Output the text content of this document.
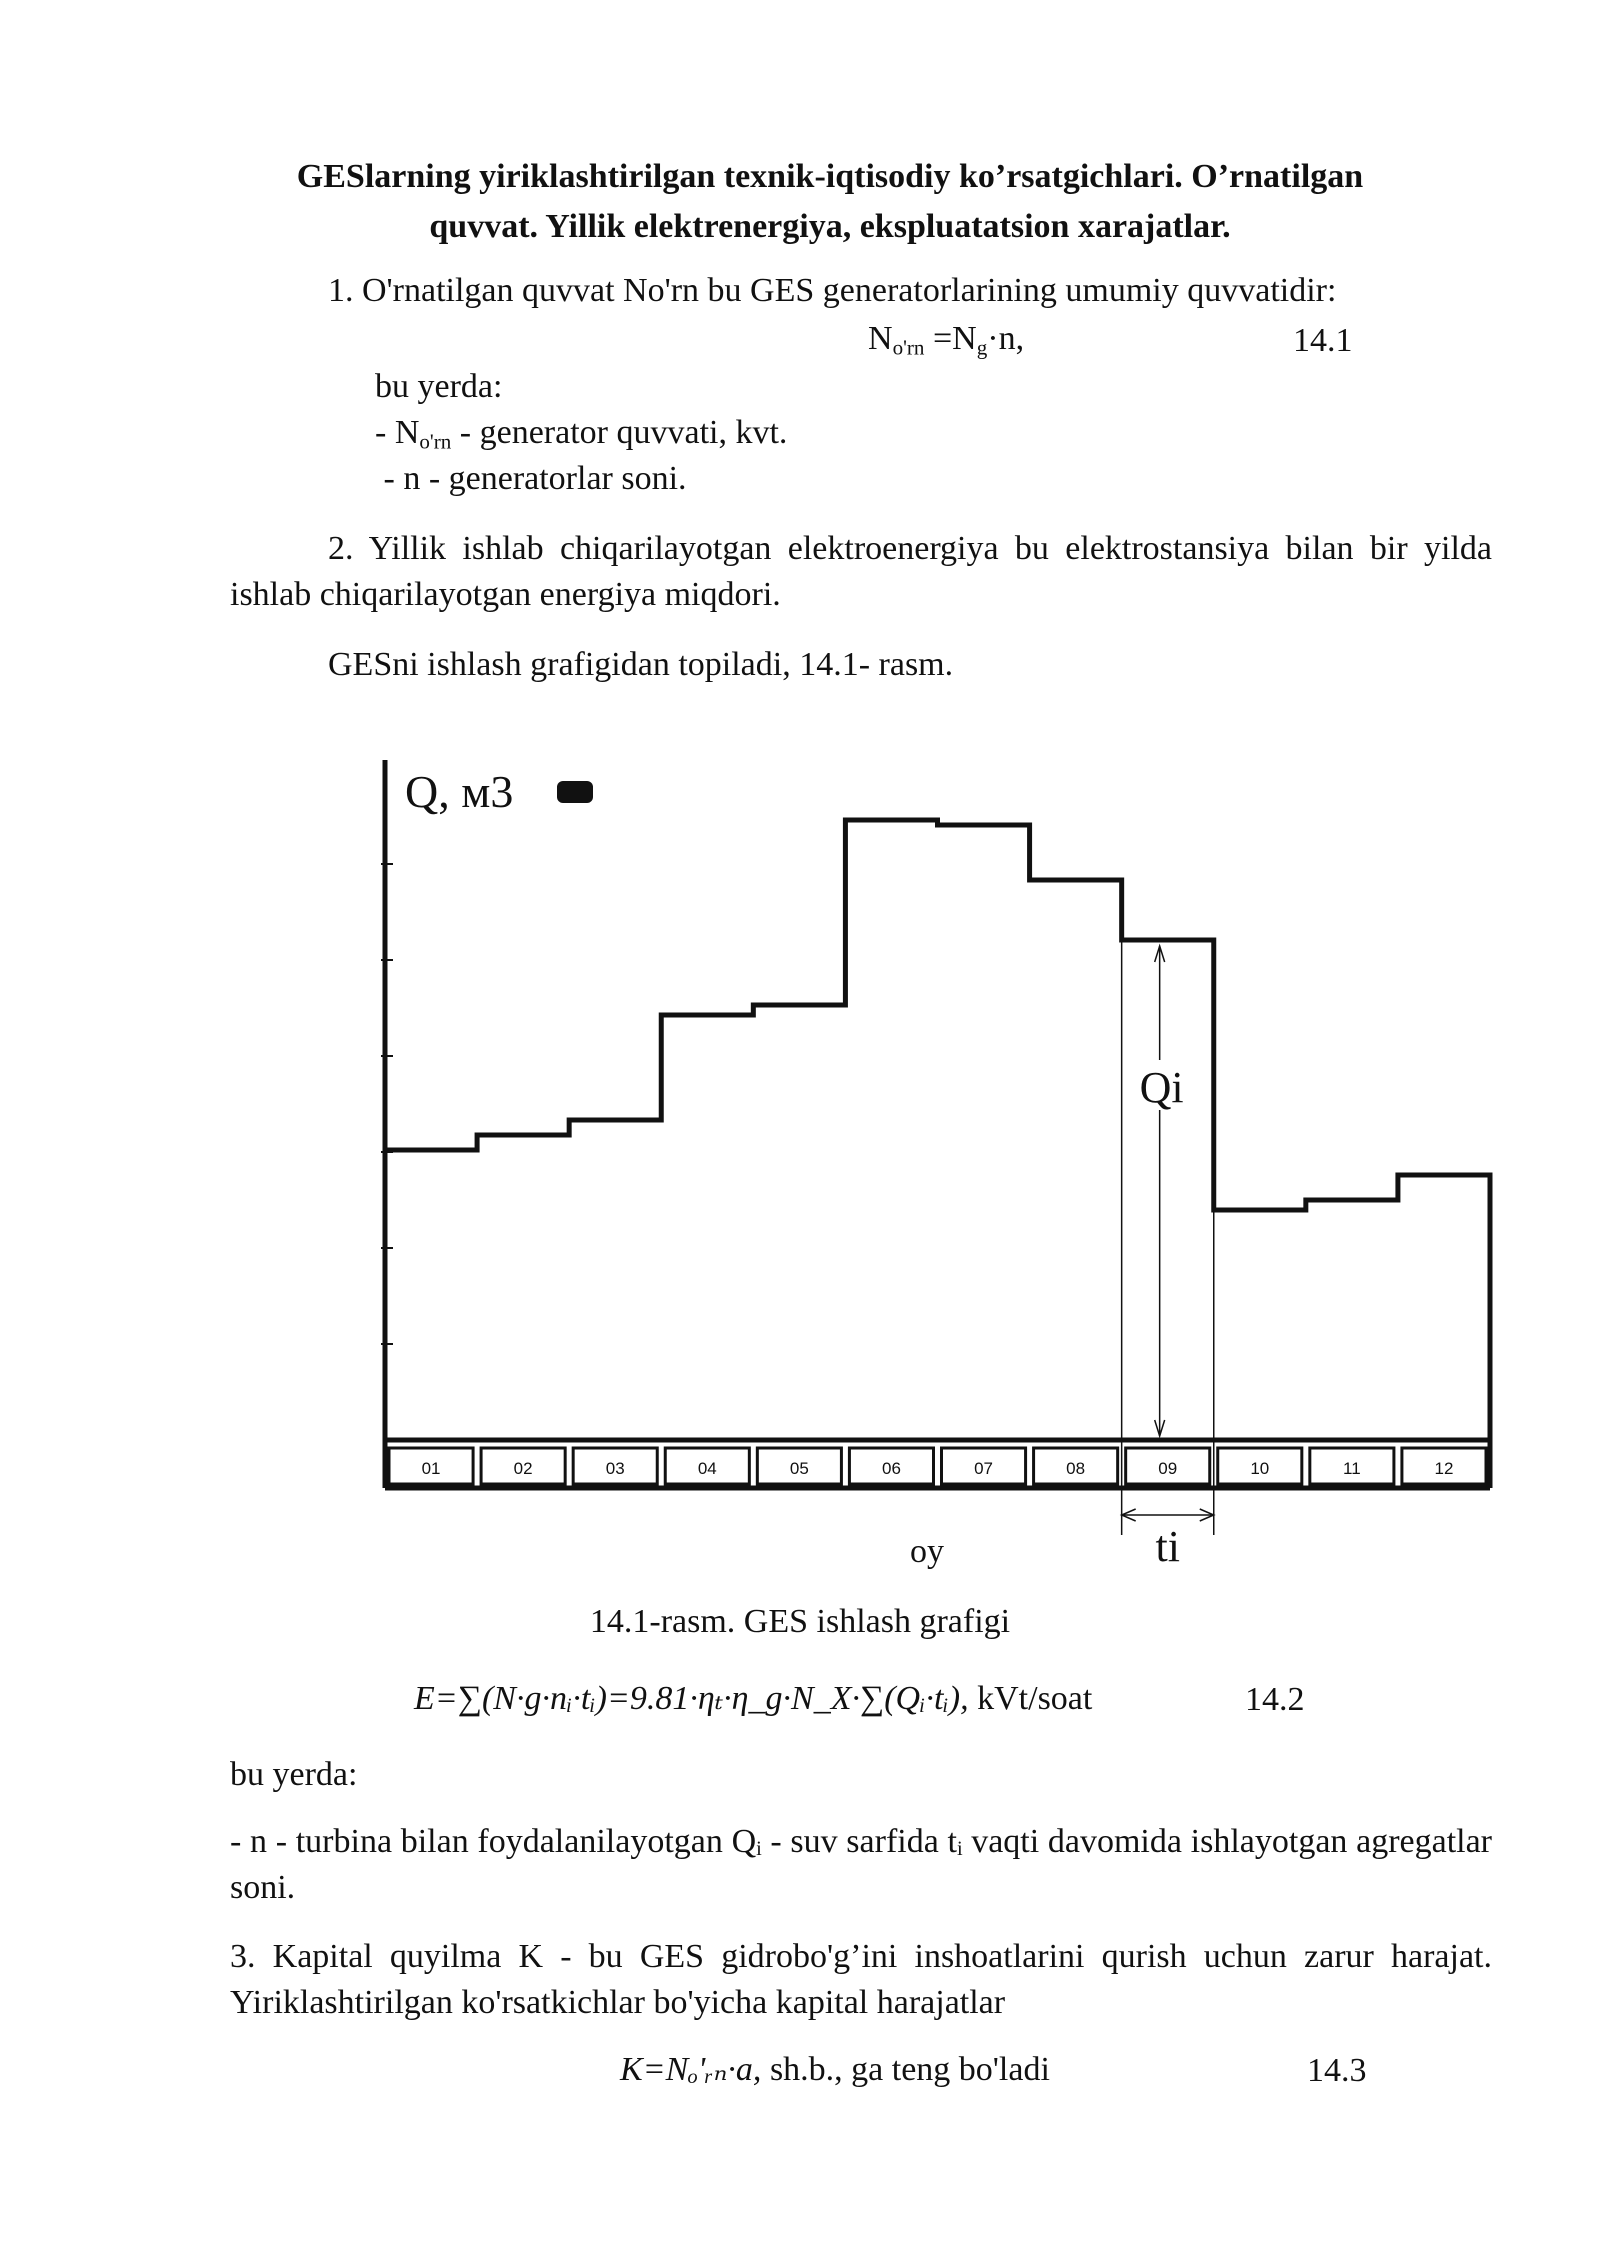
GESlarning yiriklashtirilgan texnik-iqtisodiy ko’rsatgichlari. O’rnatilgan
quvvat. Yillik elektrenergiya, ekspluatatsion xarajatlar.
1. O'rnatilgan quvvat No'rn bu GES generatorlarining umumiy quvvatidir:
$N_{o'rn} =N_g\cdot n$,	14.1
bu yerda:
- $N_{o'rn}$ - generator quvvati, kvt.
- n - generatorlar soni.
2. Yillik ishlab chiqarilayotgan elektroenergiya bu elektrostansiya bilan bir yilda ishlab chiqarilayotgan energiya miqdori.
GESni ishlash grafigidan topiladi, 14.1- rasm.
01	02	03	04	05	06	07	08	09	10	11	12
Q, м3
Qi
ti
oy
14.1-rasm. GES ishlash grafigi
E=∑(N·g·nᵢ·tᵢ)=9.81·ηₜ·η_g·N_X·∑(Qᵢ·tᵢ), kVt/soat	14.2
bu yerda:
- n - turbina bilan foydalanilayotgan Qᵢ - suv sarfida tᵢ vaqti davomida ishlayotgan agregatlar soni.
3. Kapital quyilma K - bu GES gidrobo'g’ini inshoatlarini qurish uchun zarur harajat. Yiriklashtirilgan ko'rsatkichlar bo'yicha kapital harajatlar
K=Nₒ'ᵣₙ·a, sh.b., ga teng bo'ladi	14.3
